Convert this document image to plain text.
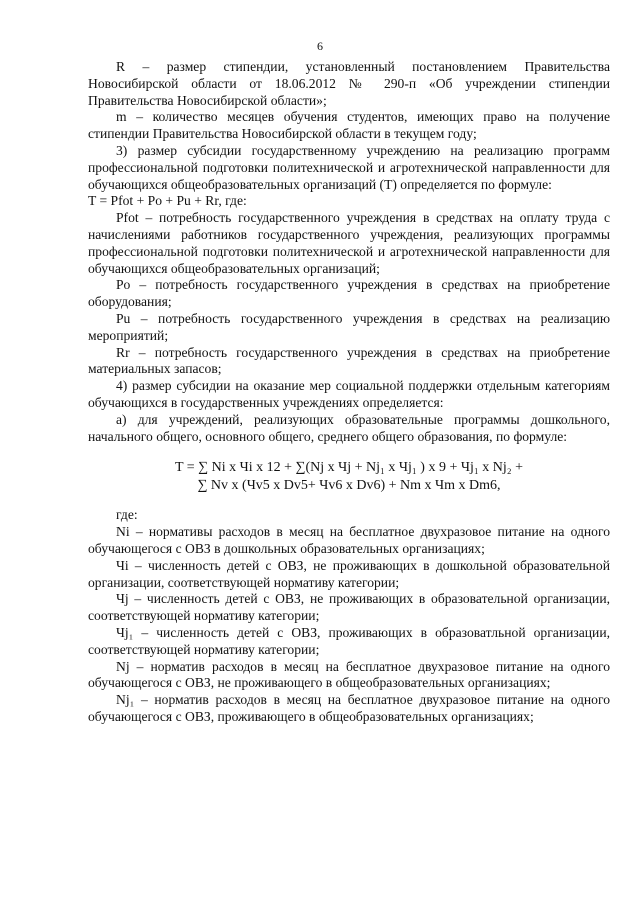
6

R – размер стипендии, установленный постановлением Правительства Новосибирской области от 18.06.2012 № 290-п «Об учреждении стипендии Правительства Новосибирской области»;

m – количество месяцев обучения студентов, имеющих право на получение стипендии Правительства Новосибирской области в текущем году;

3) размер субсидии государственному учреждению на реализацию программ профессиональной подготовки политехнической и агротехнической направленности для обучающихся общеобразовательных организаций (T) определяется по формуле:

T = Pfot + Po + Pu + Rr, где:

Pfot – потребность государственного учреждения в средствах на оплату труда с начислениями работников государственного учреждения, реализующих программы профессиональной подготовки политехнической и агротехнической направленности для обучающихся общеобразовательных организаций;

Po – потребность государственного учреждения в средствах на приобретение оборудования;

Pu – потребность государственного учреждения в средствах на реализацию мероприятий;

Rr – потребность государственного учреждения в средствах на приобретение материальных запасов;

4) размер субсидии на оказание мер социальной поддержки отдельным категориям обучающихся в государственных учреждениях определяется:

а) для учреждений, реализующих образовательные программы дошкольного, начального общего, основного общего, среднего общего образования, по формуле:

T = ∑ Ni x Чi x 12 + ∑(Nj x Чj + Nj₁ x Чj₁ ) x 9 + Чj₁ x Nj₂ +
∑ Nv x (Чv5 x Dv5+ Чv6 x Dv6) + Nm x Чm x Dm6,

где:

Ni – нормативы расходов в месяц на бесплатное двухразовое питание на одного обучающегося с ОВЗ в дошкольных образовательных организациях;

Чi – численность детей с ОВЗ, не проживающих в дошкольной образовательной организации, соответствующей нормативу категории;

Чj – численность детей с ОВЗ, не проживающих в образовательной организации, соответствующей нормативу категории;

Чj₁ – численность детей с ОВЗ, проживающих в образоватльной организации, соответствующей нормативу категории;

Nj – норматив расходов в месяц на бесплатное двухразовое питание на одного обучающегося с ОВЗ, не проживающего в общеобразовательных организациях;

Nj₁ – норматив расходов в месяц на бесплатное двухразовое питание на одного обучающегося с ОВЗ, проживающего в общеобразовательных организациях;
